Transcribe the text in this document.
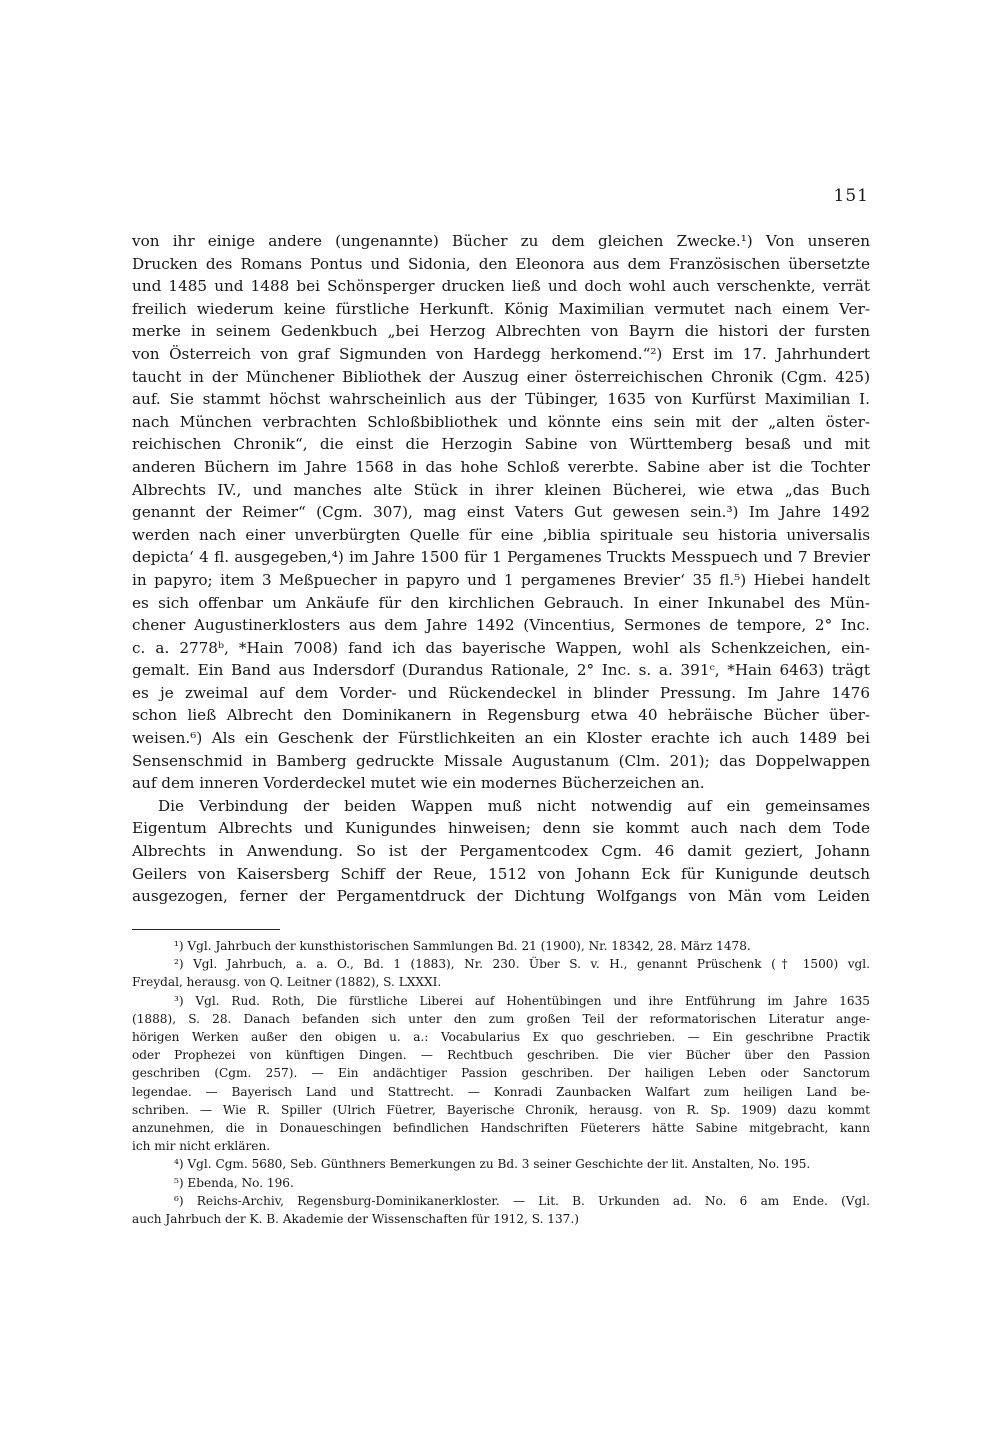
151

von ihr einige andere (ungenannte) Bücher zu dem gleichen Zwecke.¹) Von unseren
Drucken des Romans Pontus und Sidonia, den Eleonora aus dem Französischen übersetzte
und 1485 und 1488 bei Schönsperger drucken ließ und doch wohl auch verschenkte, verrät
freilich wiederum keine fürstliche Herkunft. König Maximilian vermutet nach einem Ver-
merke in seinem Gedenkbuch „bei Herzog Albrechten von Bayrn die histori der fursten
von Österreich von graf Sigmunden von Hardegg herkomend.“²) Erst im 17. Jahrhundert
taucht in der Münchener Bibliothek der Auszug einer österreichischen Chronik (Cgm. 425)
auf. Sie stammt höchst wahrscheinlich aus der Tübinger, 1635 von Kurfürst Maximilian I.
nach München verbrachten Schloßbibliothek und könnte eins sein mit der „alten öster-
reichischen Chronik“, die einst die Herzogin Sabine von Württemberg besaß und mit
anderen Büchern im Jahre 1568 in das hohe Schloß vererbte. Sabine aber ist die Tochter
Albrechts IV., und manches alte Stück in ihrer kleinen Bücherei, wie etwa „das Buch
genannt der Reimer“ (Cgm. 307), mag einst Vaters Gut gewesen sein.³) Im Jahre 1492
werden nach einer unverbürgten Quelle für eine ‚biblia spirituale seu historia universalis
depicta‘ 4 fl. ausgegeben,⁴) im Jahre 1500 für 1 Pergamenes Truckts Messpuech und 7 Brevier
in papyro; item 3 Meßpuecher in papyro und 1 pergamenes Brevier‘ 35 fl.⁵) Hiebei handelt
es sich offenbar um Ankäufe für den kirchlichen Gebrauch. In einer Inkunabel des Mün-
chener Augustinerklosters aus dem Jahre 1492 (Vincentius, Sermones de tempore, 2° Inc.
c. a. 2778ᵇ, *Hain 7008) fand ich das bayerische Wappen, wohl als Schenkzeichen, ein-
gemalt. Ein Band aus Indersdorf (Durandus Rationale, 2° Inc. s. a. 391ᶜ, *Hain 6463) trägt
es je zweimal auf dem Vorder- und Rückendeckel in blinder Pressung. Im Jahre 1476
schon ließ Albrecht den Dominikanern in Regensburg etwa 40 hebräische Bücher über-
weisen.⁶) Als ein Geschenk der Fürstlichkeiten an ein Kloster erachte ich auch 1489 bei
Sensenschmid in Bamberg gedruckte Missale Augustanum (Clm. 201); das Doppelwappen
auf dem inneren Vorderdeckel mutet wie ein modernes Bücherzeichen an.

Die Verbindung der beiden Wappen muß nicht notwendig auf ein gemeinsames
Eigentum Albrechts und Kunigundes hinweisen; denn sie kommt auch nach dem Tode
Albrechts in Anwendung. So ist der Pergamentcodex Cgm. 46 damit geziert, Johann
Geilers von Kaisersberg Schiff der Reue, 1512 von Johann Eck für Kunigunde deutsch
ausgezogen, ferner der Pergamentdruck der Dichtung Wolfgangs von Män vom Leiden

¹) Vgl. Jahrbuch der kunsthistorischen Sammlungen Bd. 21 (1900), Nr. 18342, 28. März 1478.
²) Vgl. Jahrbuch, a. a. O., Bd. 1 (1883), Nr. 230. Über S. v. H., genannt Prüschenk († 1500) vgl.
Freydal, herausg. von Q. Leitner (1882), S. LXXXI.
³) Vgl. Rud. Roth, Die fürstliche Liberei auf Hohentübingen und ihre Entführung im Jahre 1635
(1888), S. 28. Danach befanden sich unter den zum großen Teil der reformatorischen Literatur ange-
hörigen Werken außer den obigen u. a.: Vocabularius Ex quo geschrieben. — Ein geschribne Practik
oder Prophezei von künftigen Dingen. — Rechtbuch geschriben. Die vier Bücher über den Passion
geschriben (Cgm. 257). — Ein andächtiger Passion geschriben. Der hailigen Leben oder Sanctorum
legendae. — Bayerisch Land und Stattrecht. — Konradi Zaunbacken Walfart zum heiligen Land be-
schriben. — Wie R. Spiller (Ulrich Füetrer, Bayerische Chronik, herausg. von R. Sp. 1909) dazu kommt
anzunehmen, die in Donaueschingen befindlichen Handschriften Füeterers hätte Sabine mitgebracht, kann
ich mir nicht erklären.
⁴) Vgl. Cgm. 5680, Seb. Günthners Bemerkungen zu Bd. 3 seiner Geschichte der lit. Anstalten, No. 195.
⁵) Ebenda, No. 196.
⁶) Reichs-Archiv, Regensburg-Dominikanerkloster. — Lit. B. Urkunden ad. No. 6 am Ende. (Vgl.
auch Jahrbuch der K. B. Akademie der Wissenschaften für 1912, S. 137.)
